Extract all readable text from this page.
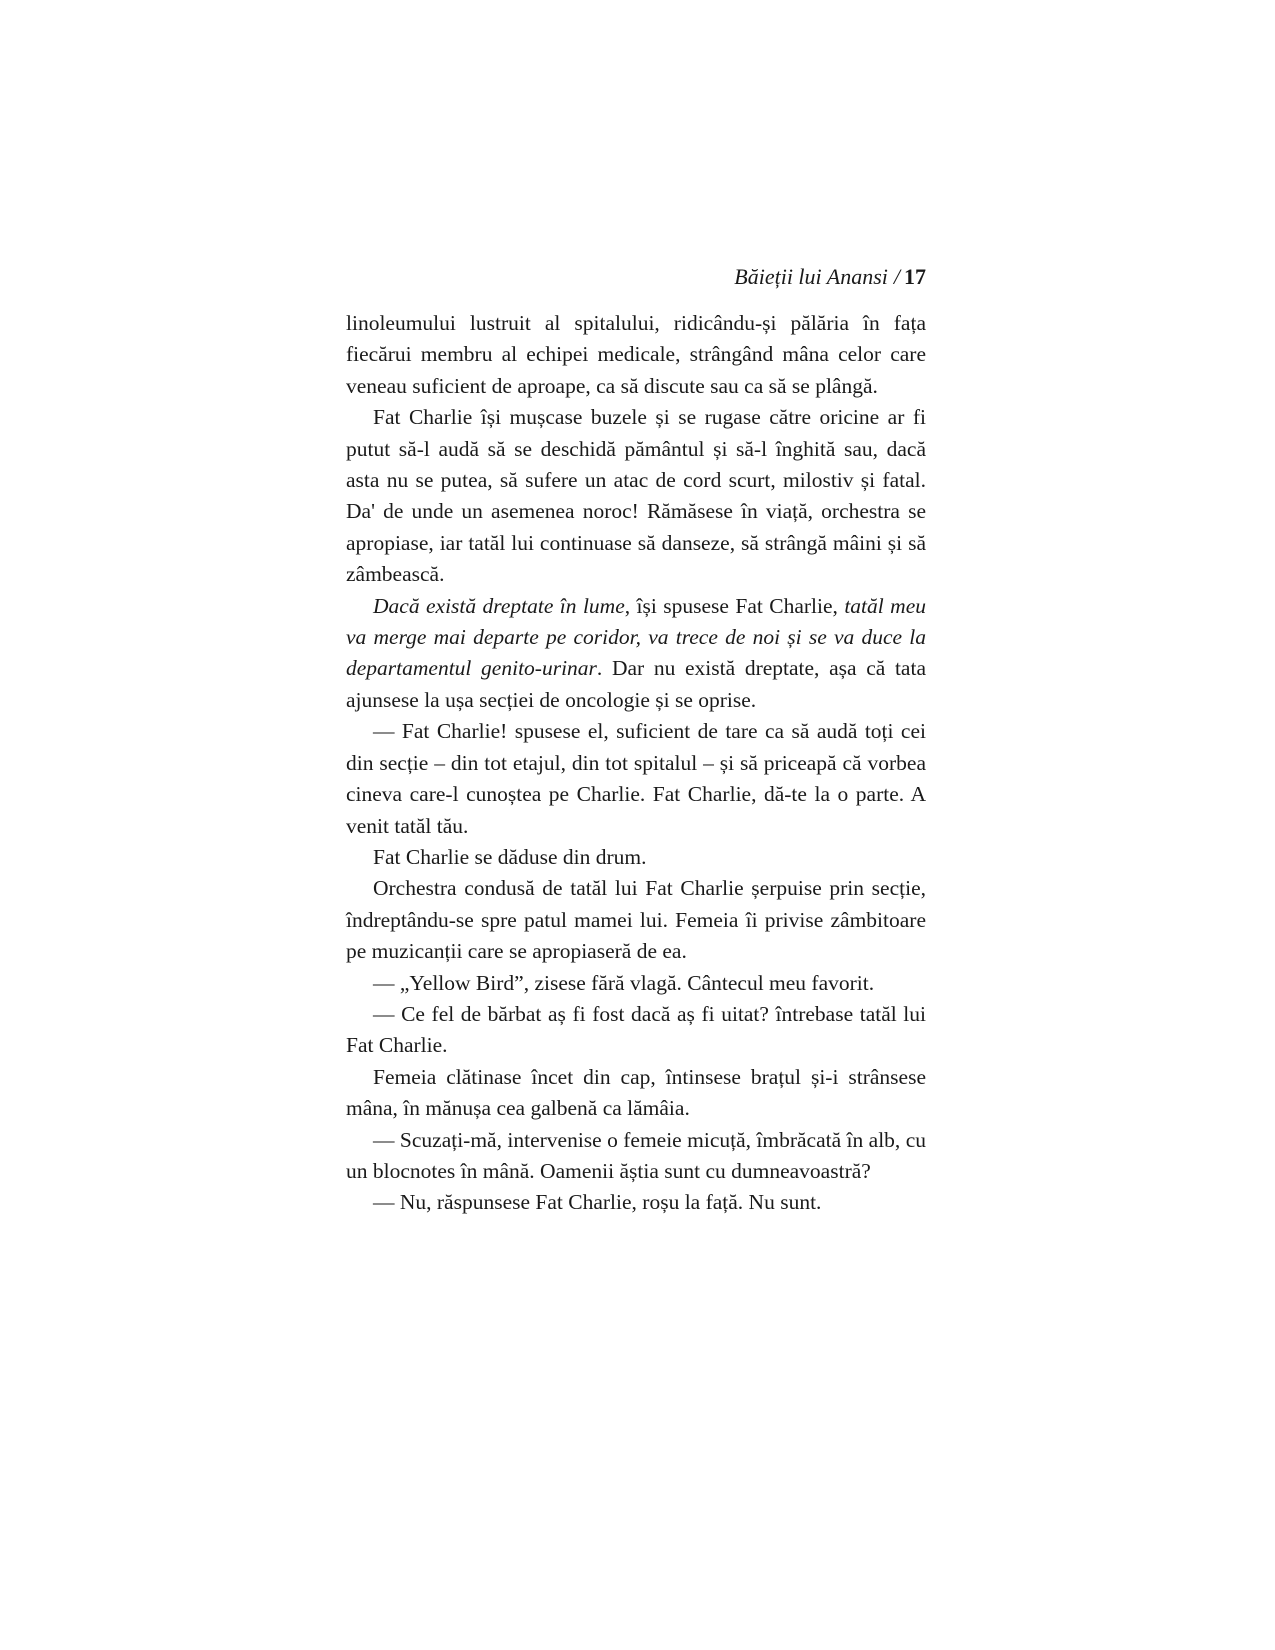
Băieții lui Anansi / 17

linoleumului lustruit al spitalului, ridicându-și pălăria în fața fiecărui membru al echipei medicale, strângând mâna celor care veneau suficient de aproape, ca să discute sau ca să se plângă.

Fat Charlie își mușcase buzele și se rugase către oricine ar fi putut să-l audă să se deschidă pământul și să-l înghită sau, dacă asta nu se putea, să sufere un atac de cord scurt, milostiv și fatal. Da' de unde un asemenea noroc! Rămăsese în viață, orchestra se apropiase, iar tatăl lui continuase să danseze, să strângă mâini și să zâmbească.

Dacă există dreptate în lume, își spusese Fat Charlie, tatăl meu va merge mai departe pe coridor, va trece de noi și se va duce la departamentul genito-urinar. Dar nu există dreptate, așa că tata ajunsese la ușa secției de oncologie și se oprise.

— Fat Charlie! spusese el, suficient de tare ca să audă toți cei din secție – din tot etajul, din tot spitalul – și să priceapă că vorbea cineva care-l cunoștea pe Charlie. Fat Charlie, dă-te la o parte. A venit tatăl tău.

Fat Charlie se dăduse din drum.

Orchestra condusă de tatăl lui Fat Charlie șerpuise prin secție, îndreptându-se spre patul mamei lui. Femeia îi privise zâmbitoare pe muzicanții care se apropiaseră de ea.

— „Yellow Bird”, zisese fără vlagă. Cântecul meu favorit.

— Ce fel de bărbat aș fi fost dacă aș fi uitat? întrebase tatăl lui Fat Charlie.

Femeia clătinase încet din cap, întinsese brațul și-i strânsese mâna, în mănușa cea galbenă ca lămâia.

— Scuzați-mă, intervenise o femeie micuță, îmbrăcată în alb, cu un blocnotes în mână. Oamenii ăștia sunt cu dumneavoastră?

— Nu, răspunsese Fat Charlie, roșu la față. Nu sunt.
